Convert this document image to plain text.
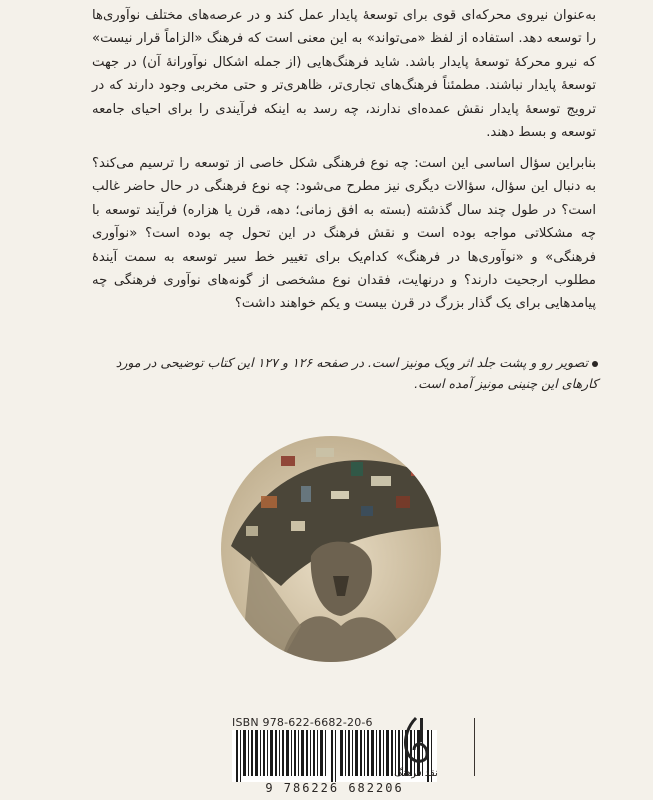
به‌عنوان نیروی محرکه‌ای قوی برای توسعهٔ پایدار عمل کند و در عرصه‌های مختلف نوآوری‌ها را توسعه دهد. استفاده از لفظ «می‌تواند» به این معنی است که فرهنگ «الزاماً قرار نیست» که نیرو محرکهٔ توسعهٔ پایدار باشد. شاید فرهنگ‌هایی (از جمله اشکال نوآورانهٔ آن) در جهت توسعهٔ پایدار نباشند. مطمئناً فرهنگ‌های تجاری‌تر، ظاهری‌تر و حتی مخربی وجود دارند که در ترویج توسعهٔ پایدار نقش عمده‌ای ندارند، چه رسد به اینکه فرآیندی را برای احیای جامعه توسعه و بسط دهند.

بنابراین سؤال اساسی این است: چه نوع فرهنگی شکل خاصی از توسعه را ترسیم می‌کند؟ به دنبال این سؤال، سؤالات دیگری نیز مطرح می‌شود: چه نوع فرهنگی در حال حاضر غالب است؟ در طول چند سال گذشته (بسته به افق زمانی؛ دهه، قرن یا هزاره) فرآیند توسعه با چه مشکلاتی مواجه بوده است و نقش فرهنگ در این تحول چه بوده است؟ «نوآوری فرهنگی» و «نوآوری‌ها در فرهنگ» کدام‌یک برای تغییر خط سیر توسعه به سمت آیندهٔ مطلوب ارجحیت دارند؟ و درنهایت، فقدان نوع مشخصی از گونه‌های نوآوری فرهنگی چه پیامدهایی برای یک گذار بزرگ در قرن بیست و یکم خواهند داشت؟

تصویر رو و پشت جلد اثر ویک مونیز است. در صفحه ۱۲۶ و ۱۲۷ این کتاب توضیحی در مورد کارهای این چنینی مونیز آمده است.

ISBN 978-622-6682-20-6
9 786226 682206
نقد فرهنگ
